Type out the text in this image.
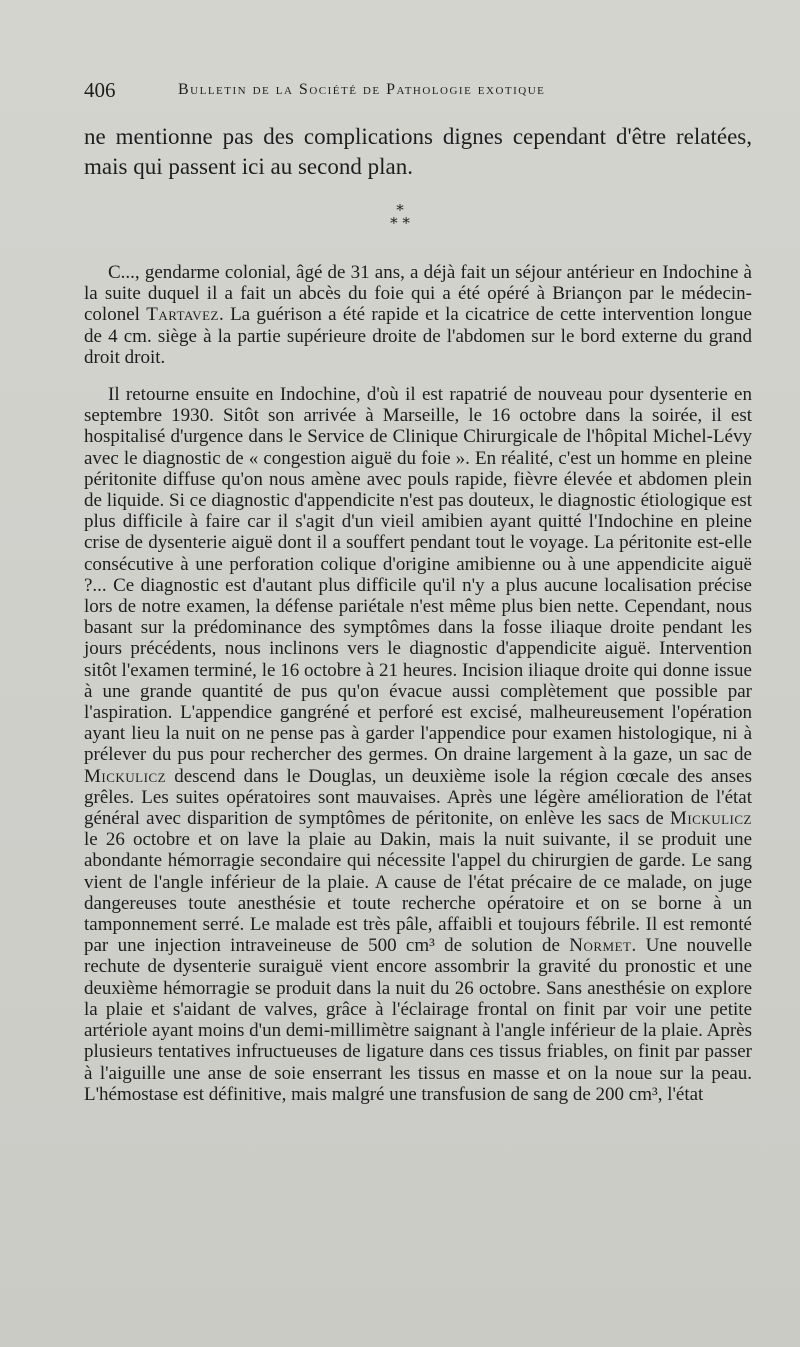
406	Bulletin de la Société de Pathologie exotique

ne mentionne pas des complications dignes cependant d'être relatées, mais qui passent ici au second plan.

*
* *

C..., gendarme colonial, âgé de 31 ans, a déjà fait un séjour antérieur en Indochine à la suite duquel il a fait un abcès du foie qui a été opéré à Briançon par le médecin-colonel Tartavez. La guérison a été rapide et la cicatrice de cette intervention longue de 4 cm. siège à la partie supérieure droite de l'abdomen sur le bord externe du grand droit droit.

Il retourne ensuite en Indochine, d'où il est rapatrié de nouveau pour dysenterie en septembre 1930. Sitôt son arrivée à Marseille, le 16 octobre dans la soirée, il est hospitalisé d'urgence dans le Service de Clinique Chirurgicale de l'hôpital Michel-Lévy avec le diagnostic de « congestion aiguë du foie ». En réalité, c'est un homme en pleine péritonite diffuse qu'on nous amène avec pouls rapide, fièvre élevée et abdomen plein de liquide. Si ce diagnostic d'appendicite n'est pas douteux, le diagnostic étiologique est plus difficile à faire car il s'agit d'un vieil amibien ayant quitté l'Indochine en pleine crise de dysenterie aiguë dont il a souffert pendant tout le voyage. La péritonite est-elle consécutive à une perforation colique d'origine amibienne ou à une appendicite aiguë ?... Ce diagnostic est d'autant plus difficile qu'il n'y a plus aucune localisation précise lors de notre examen, la défense pariétale n'est même plus bien nette. Cependant, nous basant sur la prédominance des symptômes dans la fosse iliaque droite pendant les jours précédents, nous inclinons vers le diagnostic d'appendicite aiguë. Intervention sitôt l'examen terminé, le 16 octobre à 21 heures. Incision iliaque droite qui donne issue à une grande quantité de pus qu'on évacue aussi complètement que possible par l'aspiration. L'appendice gangréné et perforé est excisé, malheureusement l'opération ayant lieu la nuit on ne pense pas à garder l'appendice pour examen histologique, ni à prélever du pus pour rechercher des germes. On draine largement à la gaze, un sac de Mickulicz descend dans le Douglas, un deuxième isole la région cœcale des anses grêles. Les suites opératoires sont mauvaises. Après une légère amélioration de l'état général avec disparition de symptômes de péritonite, on enlève les sacs de Mickulicz le 26 octobre et on lave la plaie au Dakin, mais la nuit suivante, il se produit une abondante hémorragie secondaire qui nécessite l'appel du chirurgien de garde. Le sang vient de l'angle inférieur de la plaie. A cause de l'état précaire de ce malade, on juge dangereuses toute anesthésie et toute recherche opératoire et on se borne à un tamponnement serré. Le malade est très pâle, affaibli et toujours fébrile. Il est remonté par une injection intraveineuse de 500 cm³ de solution de Normet. Une nouvelle rechute de dysenterie suraiguë vient encore assombrir la gravité du pronostic et une deuxième hémorragie se produit dans la nuit du 26 octobre. Sans anesthésie on explore la plaie et s'aidant de valves, grâce à l'éclairage frontal on finit par voir une petite artériole ayant moins d'un demi-millimètre saignant à l'angle inférieur de la plaie. Après plusieurs tentatives infructueuses de ligature dans ces tissus friables, on finit par passer à l'aiguille une anse de soie enserrant les tissus en masse et on la noue sur la peau. L'hémostase est définitive, mais malgré une transfusion de sang de 200 cm³, l'état
